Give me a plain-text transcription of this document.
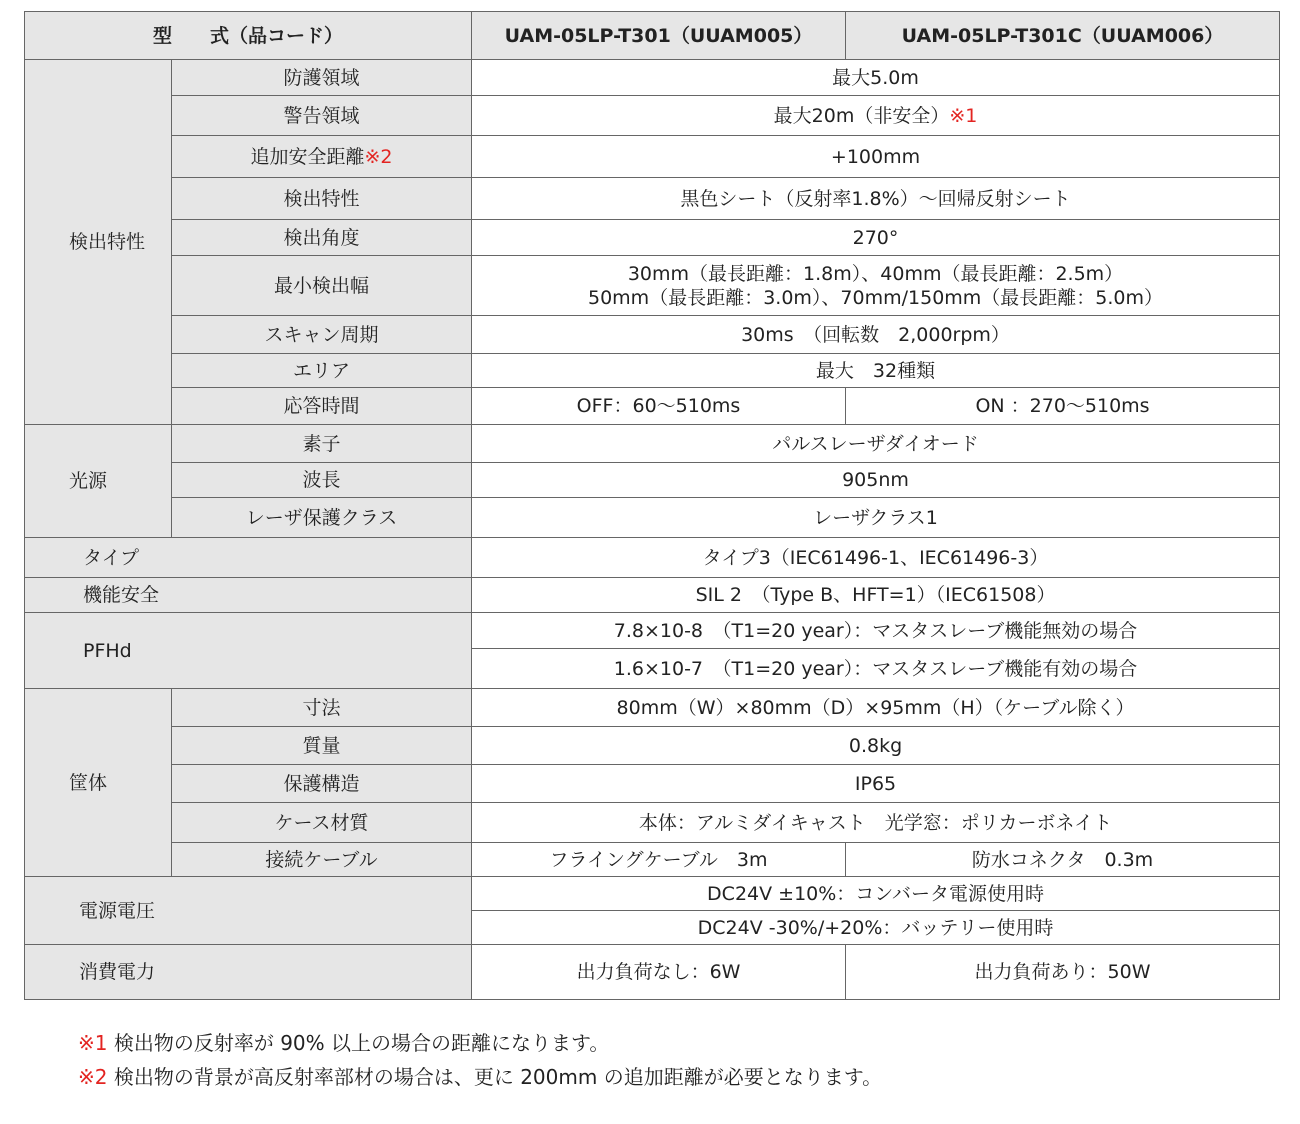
型　　式（品コード）		UAM-05LP-T301（UUAM005）	UAM-05LP-T301C（UUAM006）
検出特性	防護領域	最大5.0m	
	警告領域	最大20m（非安全）※1	
	追加安全距離※2	+100mm	
	検出特性	黒色シート（反射率1.8%）～回帰反射シート	
	検出角度	270°	
	最小検出幅	30mm（最長距離：1.8m）、40mm（最長距離：2.5m）
50mm（最長距離：3.0m）、70mm/150mm（最長距離：5.0m）	

	スキャン周期	30ms　（回転数　2,000rpm）	
	エリア	最大　32種類	
	応答時間	OFF：60～510ms	ON ：270～510ms
光源	素子	パルスレーザダイオード	
	波長	905nm	
	レーザ保護クラス	レーザクラス1	
タイプ		タイプ3（IEC61496-1、IEC61496-3）	
機能安全		SIL 2　（Type B、HFT=1）（IEC61508）	
PFHd		7.8×10-8　（T1=20 year）：マスタスレーブ機能無効の場合	
		1.6×10-7　（T1=20 year）：マスタスレーブ機能有効の場合	
筐体	寸法	80mm（W）×80mm（D）×95mm（H）（ケーブル除く）	
	質量	0.8kg	
	保護構造	IP65	
	ケース材質	本体：アルミダイキャスト　光学窓：ポリカーボネイト	
	接続ケーブル	フライングケーブル　3m	防水コネクタ　0.3m
電源電圧		DC24V ±10%：コンバータ電源使用時	
		DC24V -30%/+20%：バッテリー使用時	
消費電力		出力負荷なし：6W	出力負荷あり：50W
※1 検出物の反射率が 90% 以上の場合の距離になります。
※2 検出物の背景が高反射率部材の場合は、更に 200mm の追加距離が必要となります。
